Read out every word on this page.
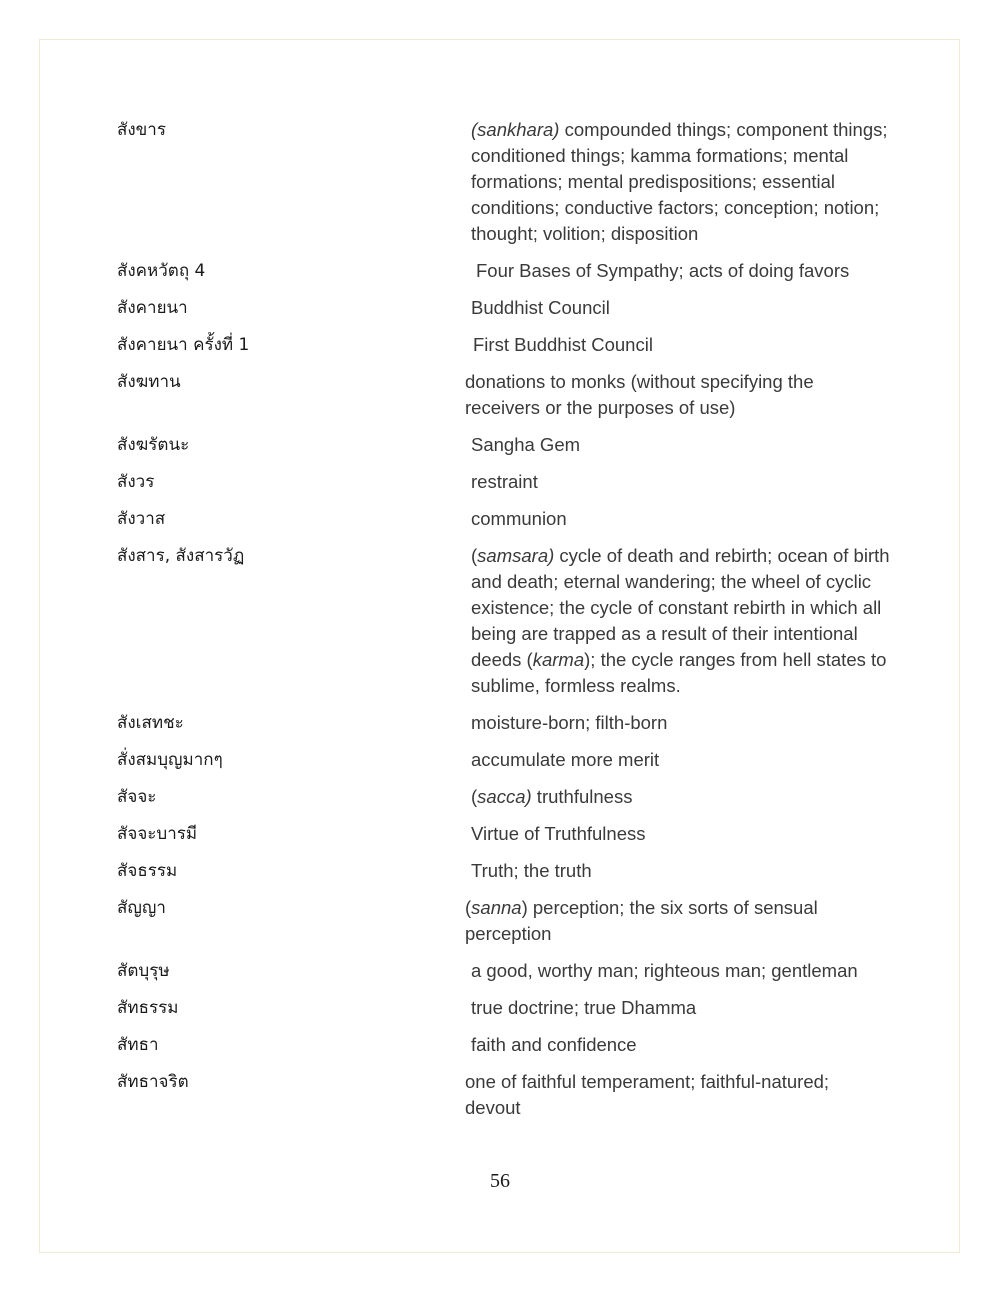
สังขาร	(sankhara) compounded things; component things; conditioned things; kamma formations; mental formations; mental predispositions; essential conditions; conductive factors; conception; notion; thought; volition; disposition
สังคหวัตถุ 4	Four Bases of Sympathy; acts of doing favors
สังคายนา	Buddhist Council
สังคายนา ครั้งที่ 1	First Buddhist Council
สังฆทาน	donations to monks (without specifying the receivers or the purposes of use)
สังฆรัตนะ	Sangha Gem
สังวร	restraint
สังวาส	communion
สังสาร, สังสารวัฏ	(samsara) cycle of death and rebirth; ocean of birth and death; eternal wandering; the wheel of cyclic existence; the cycle of constant rebirth in which all being are trapped as a result of their intentional deeds (karma); the cycle ranges from hell states to sublime, formless realms.
สังเสทชะ	moisture-born; filth-born
สั่งสมบุญมากๆ	accumulate more merit
สัจจะ	(sacca) truthfulness
สัจจะบารมี	Virtue of Truthfulness
สัจธรรม	Truth; the truth
สัญญา	(sanna) perception; the six sorts of sensual perception
สัตบุรุษ	a good, worthy man; righteous man; gentleman
สัทธรรม	true doctrine; true Dhamma
สัทธา	faith and confidence
สัทธาจริต	one of faithful temperament; faithful-natured; devout
56
